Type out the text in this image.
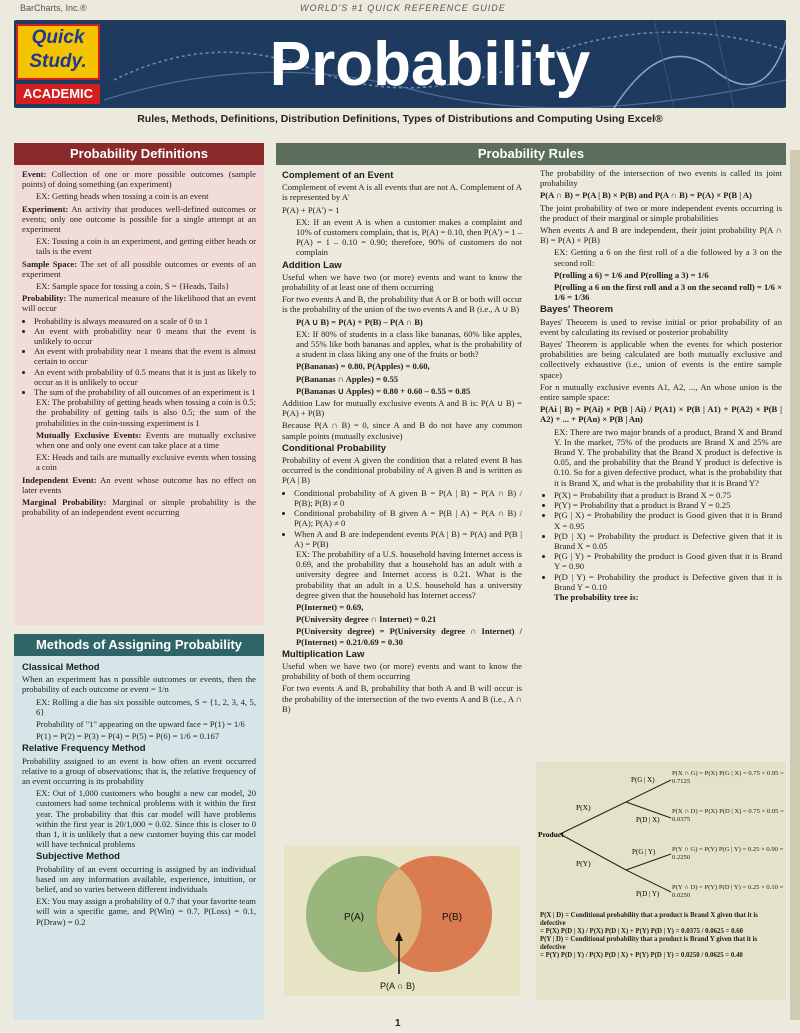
BarCharts, Inc.®	WORLD'S #1 QUICK REFERENCE GUIDE
Quick
Study.
ACADEMIC	Probability
Rules, Methods, Definitions, Distribution Definitions, Types of Distributions and Computing Using Excel®
Probability Definitions

Event: Collection of one or more possible outcomes (sample points) of doing something (an experiment)

EX: Getting heads when tossing a coin is an event

Experiment: An activity that produces well-defined outcomes or events; only one outcome is possible for a single attempt at an experiment

EX: Tossing a coin is an experiment, and getting either heads or tails is the event

Sample Space: The set of all possible outcomes or events of an experiment

EX: Sample space for tossing a coin, S = {Heads, Tails}

Probability: The numerical measure of the likelihood that an event will occur

• Probability is always measured on a scale of 0 to 1
• An event with probability near 0 means that the event is unlikely to occur
• An event with probability near 1 means that the event is almost certain to occur
• An event with probability of 0.5 means that it is just as likely to occur as it is unlikely to occur
• The sum of the probability of all outcomes of an experiment is 1

EX: The probability of getting heads when tossing a coin is 0.5; the probability of getting tails is also 0.5; the sum of the probabilities in the coin-tossing experiment is 1

Mutually Exclusive Events: Events are mutually exclusive when one and only one event can take place at a time

EX: Heads and tails are mutually exclusive events when tossing a coin

Independent Event: An event whose outcome has no effect on later events

Marginal Probability: Marginal or simple probability is the probability of an independent event occurring

Methods of Assigning Probability
Classical Method

When an experiment has n possible outcomes or events, then the probability of each outcome or event = 1/n

EX: Rolling a die has six possible outcomes, S = {1, 2, 3, 4, 5, 6}

Probability of "1" appearing on the upward face = P(1) = 1/6

P(1) = P(2) = P(3) = P(4) = P(5) = P(6) = 1/6 = 0.167

Relative Frequency Method

Probability assigned to an event is how often an event occurred relative to a group of observations; that is, the relative frequency of an event occurring is its probability

EX: Out of 1,000 customers who bought a new car model, 20 customers had some technical problems with it within the first year. The probability that this car model will have problems within the first year is 20/1,000 = 0.02. Since this is closer to 0 than 1, it is unlikely that a new customer buying this car model will have technical problems

Subjective Method

Probability of an event occurring is assigned by an individual based on any information available, experience, intuition, or belief, and so varies between different individuals

EX: You may assign a probability of 0.7 that your favorite team will win a specific game, and P(Win) = 0.7, P(Loss) = 0.1, P(Draw) = 0.2

Probability Rules
Complement of an Event

Complement of event A is all events that are not A. Complement of A is represented by A'

P(A) + P(A') = 1

EX: If an event A is when a customer makes a complaint and 10% of customers complain, that is, P(A) = 0.10, then P(A') = 1 – P(A) = 1 – 0.10 = 0.90; therefore, 90% of customers do not complain

Addition Law

Useful when we have two (or more) events and want to know the probability of at least one of them occurring

For two events A and B, the probability that A or B or both will occur is the probability of the union of the two events A and B (i.e., A ∪ B)

P(A ∪ B) = P(A) + P(B) – P(A ∩ B)

EX: If 80% of students in a class like bananas, 60% like apples, and 55% like both bananas and apples, what is the probability of a student in class liking any one of the fruits or both?

P(Bananas) = 0.80, P(Apples) = 0.60,

P(Bananas ∩ Apples) = 0.55

P(Bananas ∪ Apples) = 0.80 + 0.60 – 0.55 = 0.85

Addition Law for mutually exclusive events A and B is: P(A ∪ B) = P(A) + P(B)

Because P(A ∩ B) = 0, since A and B do not have any common sample points (mutually exclusive)

Conditional Probability

Probability of event A given the condition that a related event B has occurred is the conditional probability of A given B and is written as P(A | B)

• Conditional probability of A given B = P(A | B) = P(A ∩ B) / P(B); P(B) ≠ 0
• Conditional probability of B given A = P(B | A) = P(A ∩ B) / P(A); P(A) ≠ 0
• When A and B are independent events P(A | B) = P(A) and P(B | A) = P(B)

EX: The probability of a U.S. household having Internet access is 0.69, and the probability that a household has an adult with a university degree and Internet access is 0.21. What is the probability that an adult in a U.S. household has a university degree given that the household has Internet access?

P(Internet) = 0.69,

P(University degree ∩ Internet) = 0.21

P(University degree) = P(University degree ∩ Internet) / P(Internet) = 0.21/0.69 = 0.30

Multiplication Law

Useful when we have two (or more) events and want to know the probability of both of them occurring

For two events A and B, probability that both A and B will occur is the probability of the intersection of the two events A and B (i.e., A ∩ B)

P(A)	P(B)
P(A ∩ B)

The probability of the intersection of two events is called its joint probability

P(A ∩ B) = P(A | B) × P(B) and P(A ∩ B) = P(A) × P(B | A)

The joint probability of two or more independent events occurring is the product of their marginal or simple probabilities

When events A and B are independent, their joint probability P(A ∩ B) = P(A) × P(B)

EX: Getting a 6 on the first roll of a die followed by a 3 on the second roll:

P(rolling a 6) = 1/6 and P(rolling a 3) = 1/6

P(rolling a 6 on the first roll and a 3 on the second roll) = 1/6 × 1/6 = 1/36

Bayes' Theorem

Bayes' Theorem is used to revise initial or prior probability of an event by calculating its revised or posterior probability

Bayes' Theorem is applicable when the events for which posterior probabilities are being calculated are both mutually exclusive and collectively exhaustive (i.e., union of events is the entire sample space)

For n mutually exclusive events A1, A2, ..., An whose union is the entire sample space:

P(Ai | B) = P(Ai) × P(B | Ai) / P(A1) × P(B | A1) + P(A2) × P(B | A2) + ... + P(An) × P(B | An)

EX: There are two major brands of a product, Brand X and Brand Y. In the market, 75% of the products are Brand X and 25% are Brand Y. The probability that the Brand X product is defective is 0.05, and the probability that the Brand Y product is defective is 0.10. So for a given defective product, what is the probability that it is Brand X, and what is the probability that it is Brand Y?

• P(X) = Probability that a product is Brand X = 0.75
• P(Y) = Probability that a product is Brand Y = 0.25
• P(G | X) = Probability the product is Good given that it is Brand X = 0.95
• P(D | X) = Probability the product is Defective given that it is Brand X = 0.05
• P(G | Y) = Probability the product is Good given that it is Brand Y = 0.90
• P(D | Y) = Probability the product is Defective given that it is Brand Y = 0.10

The probability tree is:

Product
P(X)
P(Y)
P(G | X)
P(D | X)
P(G | Y)
P(D | Y)
P(X ∩ G) = P(X) P(G | X) = 0.75 × 0.95 = 0.7125
P(X ∩ D) = P(X) P(D | X) = 0.75 × 0.05 = 0.0375
P(Y ∩ G) = P(Y) P(G | Y) = 0.25 × 0.90 = 0.2250
P(Y ∩ D) = P(Y) P(D | Y) = 0.25 × 0.10 = 0.0250
P(X | D) = Conditional probability that a product is Brand X given that it is defective
= P(X) P(D | X) / P(X) P(D | X) + P(Y) P(D | Y) = 0.0375 / 0.0625 = 0.60
P(Y | D) = Conditional probability that a product is Brand Y given that it is defective
= P(Y) P(D | Y) / P(X) P(D | X) + P(Y) P(D | Y) = 0.0250 / 0.0625 = 0.40
1
